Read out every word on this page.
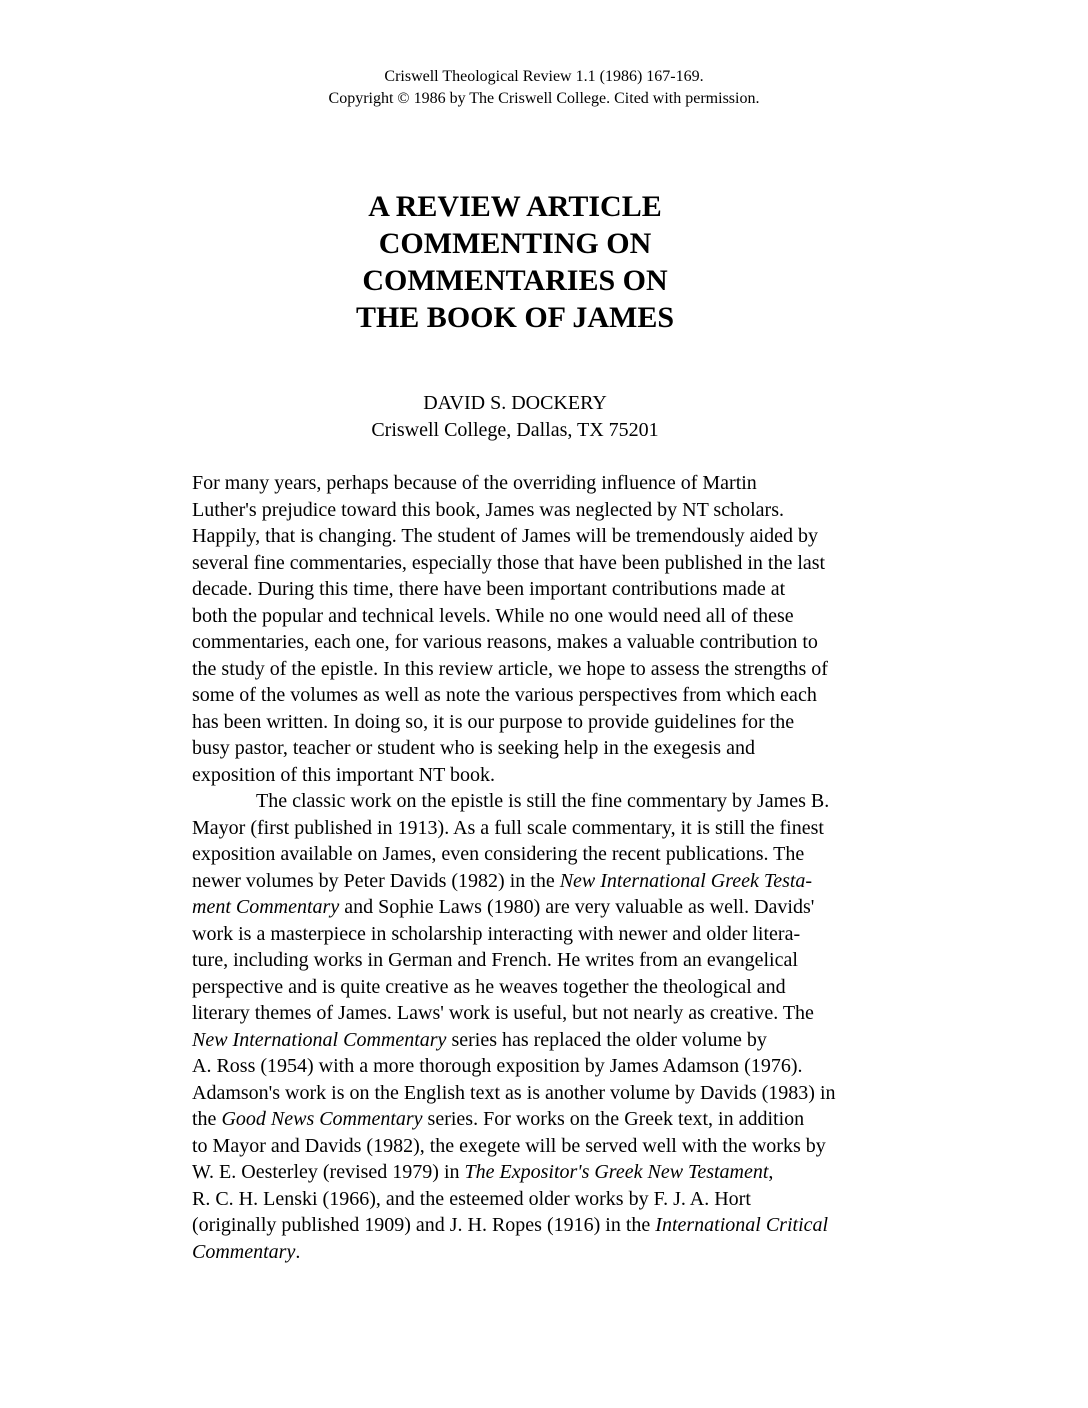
Criswell Theological Review 1.1 (1986) 167-169.
Copyright © 1986 by The Criswell College. Cited with permission.
A REVIEW ARTICLE
COMMENTING ON
COMMENTARIES ON
THE BOOK OF JAMES
DAVID S. DOCKERY
Criswell College, Dallas, TX 75201

For many years, perhaps because of the overriding influence of Martin
Luther's prejudice toward this book, James was neglected by NT scholars.
Happily, that is changing. The student of James will be tremendously aided by
several fine commentaries, especially those that have been published in the last
decade. During this time, there have been important contributions made at
both the popular and technical levels. While no one would need all of these
commentaries, each one, for various reasons, makes a valuable contribution to
the study of the epistle. In this review article, we hope to assess the strengths of
some of the volumes as well as note the various perspectives from which each
has been written. In doing so, it is our purpose to provide guidelines for the
busy pastor, teacher or student who is seeking help in the exegesis and
exposition of this important NT book.

The classic work on the epistle is still the fine commentary by James B.
Mayor (first published in 1913). As a full scale commentary, it is still the finest
exposition available on James, even considering the recent publications. The
newer volumes by Peter Davids (1982) in the New International Greek Testa-
ment Commentary and Sophie Laws (1980) are very valuable as well. Davids'
work is a masterpiece in scholarship interacting with newer and older litera-
ture, including works in German and French. He writes from an evangelical
perspective and is quite creative as he weaves together the theological and
literary themes of James. Laws' work is useful, but not nearly as creative. The
New International Commentary series has replaced the older volume by
A. Ross (1954) with a more thorough exposition by James Adamson (1976).
Adamson's work is on the English text as is another volume by Davids (1983) in
the Good News Commentary series. For works on the Greek text, in addition
to Mayor and Davids (1982), the exegete will be served well with the works by
W. E. Oesterley (revised 1979) in The Expositor's Greek New Testament,
R. C. H. Lenski (1966), and the esteemed older works by F. J. A. Hort
(originally published 1909) and J. H. Ropes (1916) in the International Critical
Commentary.
